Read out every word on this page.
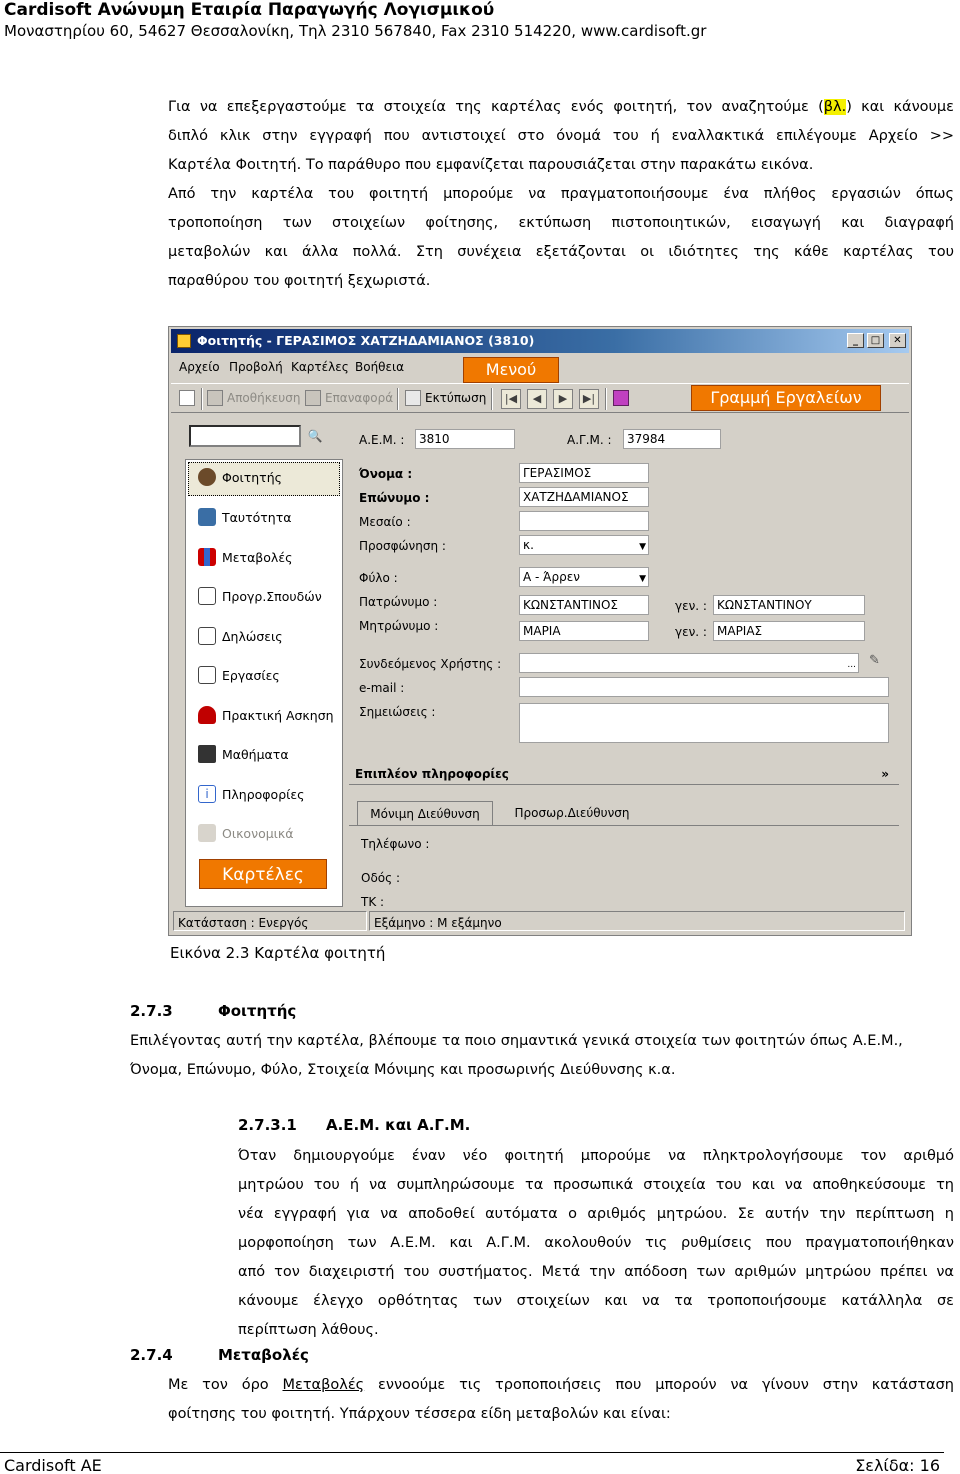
Cardisoft Ανώνυμη Εταιρία Παραγωγής Λογισμικού
Μοναστηρίου 60, 54627 Θεσσαλονίκη, Τηλ 2310 567840, Fax 2310 514220, www.cardisoft.gr
Για να επεξεργαστούμε τα στοιχεία της καρτέλας ενός φοιτητή, τον αναζητούμε (βλ.) και κάνουμε
διπλό κλικ στην εγγραφή που αντιστοιχεί στο όνομά του ή εναλλακτικά επιλέγουμε Αρχείο >>
Καρτέλα Φοιτητή. Το παράθυρο που εμφανίζεται παρουσιάζεται στην παρακάτω εικόνα.
Από την καρτέλα του φοιτητή μπορούμε να πραγματοποιήσουμε ένα πλήθος εργασιών όπως
τροποποίηση των στοιχείων φοίτησης, εκτύπωση πιστοποιητικών, εισαγωγή και διαγραφή
μεταβολών και άλλα πολλά. Στη συνέχεια εξετάζονται οι ιδιότητες της κάθε καρτέλας του
παραθύρου του φοιτητή ξεχωριστά.
Φοιτητής - ΓΕΡΑΣΙΜΟΣ ΧΑΤΖΗΔΑΜΙΑΝΟΣ (3810)	_	□	✕
Αρχείο Προβολή Καρτέλες Βοήθεια	Μενού
Αποθήκευση Επαναφορά	Εκτύπωση	|◀	◀	▶	▶|	Γραμμή Εργαλείων
🔍
Φοιτητής
Ταυτότητα
Μεταβολές
Προγρ.Σπουδών
Δηλώσεις
Εργασίες
Πρακτική Ασκηση
Μαθήματα
i	Πληροφορίες
Οικονομικά
Καρτέλες
Α.Ε.Μ. :	3810	Α.Γ.Μ. :	37984
Όνομα :	ΓΕΡΑΣΙΜΟΣ
Επώνυμο :	ΧΑΤΖΗΔΑΜΙΑΝΟΣ
Μεσαίο :
Προσφώνηση :	κ.	▼
Φύλο :	Α - Άρρεν	▼
Πατρώνυμο :	ΚΩΝΣΤΑΝΤΙΝΟΣ	γεν. : ΚΩΝΣΤΑΝΤΙΝΟΥ
Μητρώνυμο :	ΜΑΡΙΑ	γεν. : ΜΑΡΙΑΣ
Συνδεόμενος Χρήστης :	... ✎
e-mail :
Σημειώσεις :
Επιπλέον πληροφορίες	»
Μόνιμη Διεύθυνση	Προσωρ.Διεύθυνση
Τηλέφωνο :
Οδός :
ΤΚ :
Κατάσταση : Ενεργός	Εξάμηνο : Μ εξάμηνο
Εικόνα 2.3 Καρτέλα φοιτητή
2.7.3	Φοιτητής
Επιλέγοντας αυτή την καρτέλα, βλέπουμε τα ποιο σημαντικά γενικά στοιχεία των φοιτητών όπως Α.Ε.Μ.,
Όνομα, Επώνυμο, Φύλο, Στοιχεία Μόνιμης και προσωρινής Διεύθυνσης κ.α.
2.7.3.1 Α.Ε.Μ. και Α.Γ.Μ.
Όταν δημιουργούμε έναν νέο φοιτητή μπορούμε να πληκτρολογήσουμε τον αριθμό
μητρώου του ή να συμπληρώσουμε τα προσωπικά στοιχεία του και να αποθηκεύσουμε τη
νέα εγγραφή για να αποδοθεί αυτόματα ο αριθμός μητρώου. Σε αυτήν την περίπτωση η
μορφοποίηση των Α.Ε.Μ. και Α.Γ.Μ. ακολουθούν τις ρυθμίσεις που πραγματοποιήθηκαν
από τον διαχειριστή του συστήματος. Μετά την απόδοση των αριθμών μητρώου πρέπει να
κάνουμε έλεγχο ορθότητας των στοιχείων και να τα τροποποιήσουμε κατάλληλα σε
περίπτωση λάθους.
2.7.4	Μεταβολές
Με τον όρο Μεταβολές εννοούμε τις τροποποιήσεις που μπορούν να γίνουν στην κατάσταση
φοίτησης του φοιτητή. Υπάρχουν τέσσερα είδη μεταβολών και είναι:
Cardisoft AE	Σελίδα: 16
